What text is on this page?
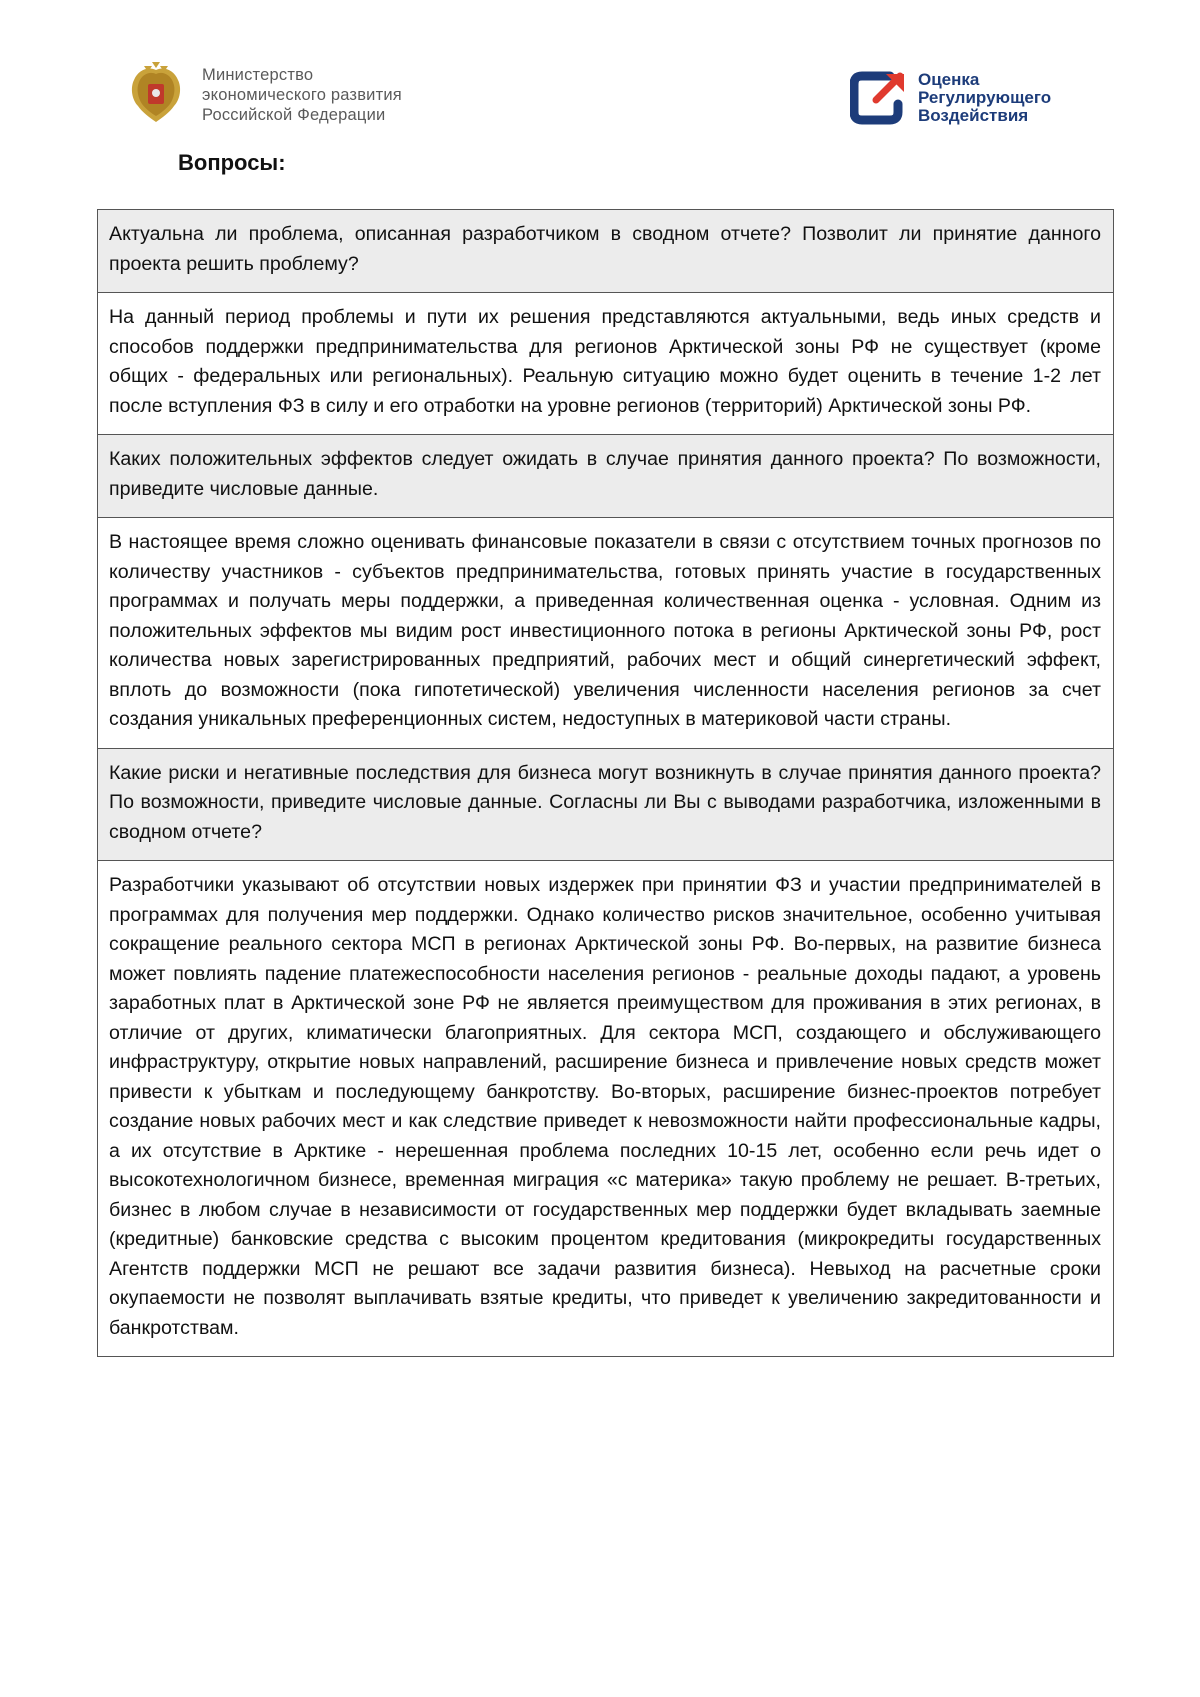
Министерство
экономического развития
Российской Федерации
Оценка
Регулирующего
Воздействия
Вопросы:
Актуальна ли проблема, описанная разработчиком в сводном отчете? Позволит ли принятие данного проекта решить проблему?
На данный период проблемы и пути их решения представляются актуальными, ведь иных средств и способов поддержки предпринимательства для регионов Арктической зоны РФ не существует (кроме общих - федеральных или региональных). Реальную ситуацию можно будет оценить в течение 1-2 лет после вступления ФЗ в силу и его отработки на уровне регионов (территорий) Арктической зоны РФ.
Каких положительных эффектов следует ожидать в случае принятия данного проекта? По возможности, приведите числовые данные.
В настоящее время сложно оценивать финансовые показатели в связи с отсутствием точных прогнозов по количеству участников - субъектов предпринимательства, готовых принять участие в государственных программах и получать меры поддержки, а приведенная количественная оценка - условная. Одним из положительных эффектов мы видим рост инвестиционного потока в регионы Арктической зоны РФ, рост количества новых зарегистрированных предприятий, рабочих мест и общий синергетический эффект, вплоть до возможности (пока гипотетической) увеличения численности населения регионов за счет создания уникальных преференционных систем, недоступных в материковой части страны.
Какие риски и негативные последствия для бизнеса могут возникнуть в случае принятия данного проекта? По возможности, приведите числовые данные. Согласны ли Вы с выводами разработчика, изложенными в сводном отчете?
Разработчики указывают об отсутствии новых издержек при принятии ФЗ и участии предпринимателей в программах для получения мер поддержки. Однако количество рисков значительное, особенно учитывая сокращение реального сектора МСП в регионах Арктической зоны РФ. Во-первых, на развитие бизнеса может повлиять падение платежеспособности населения регионов - реальные доходы падают, а уровень заработных плат в Арктической зоне РФ не является преимуществом для проживания в этих регионах, в отличие от других, климатически благоприятных. Для сектора МСП, создающего и обслуживающего инфраструктуру, открытие новых направлений, расширение бизнеса и привлечение новых средств может привести к убыткам и последующему банкротству. Во-вторых, расширение бизнес-проектов потребует создание новых рабочих мест и как следствие приведет к невозможности найти профессиональные кадры, а их отсутствие в Арктике - нерешенная проблема последних 10-15 лет, особенно если речь идет о высокотехнологичном бизнесе, временная миграция «с материка» такую проблему не решает. В-третьих, бизнес в любом случае в независимости от государственных мер поддержки будет вкладывать заемные (кредитные) банковские средства с высоким процентом кредитования (микрокредиты государственных Агентств поддержки МСП не решают все задачи развития бизнеса). Невыход на расчетные сроки окупаемости не позволят выплачивать взятые кредиты, что приведет к увеличению закредитованности и банкротствам.
